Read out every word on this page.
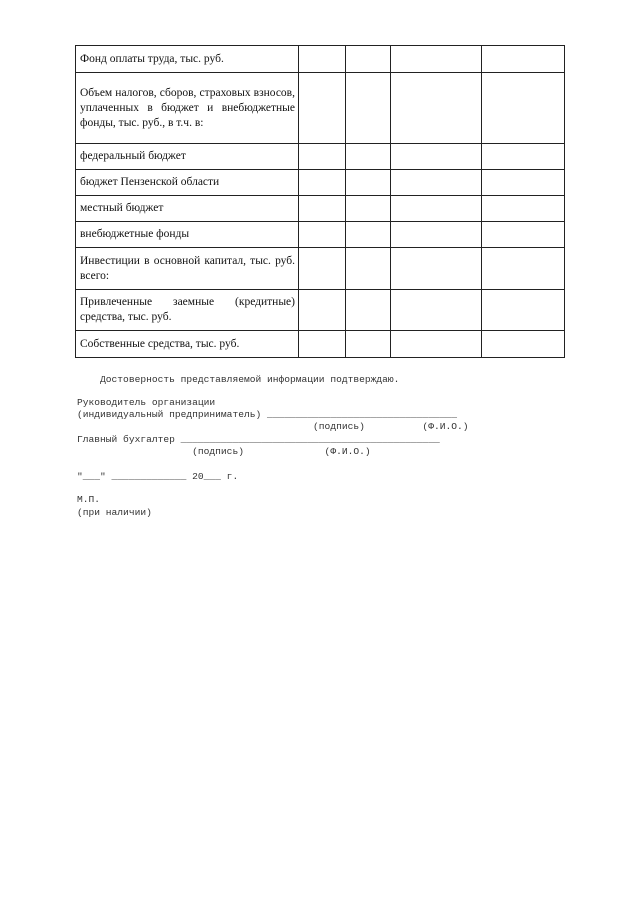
Фонд оплаты труда, тыс. руб.				
Объем налогов, сборов, страховых взносов, уплаченных в бюджет и внебюджетные фонды, тыс. руб., в т.ч. в:				
федеральный бюджет				
бюджет Пензенской области				
местный бюджет				
внебюджетные фонды				
Инвестиции в основной капитал, тыс. руб. всего:				
Привлеченные заемные (кредитные) средства, тыс. руб.				
Собственные средства, тыс. руб.				

Достоверность представляемой информации подтверждаю.

Руководитель организации

(индивидуальный предприниматель) _________________________________

(подпись)          (Ф.И.О.)

Главный бухгалтер _____________________________________________

(подпись)              (Ф.И.О.)

"___" _____________ 20___ г.

М.П.

(при наличии)
